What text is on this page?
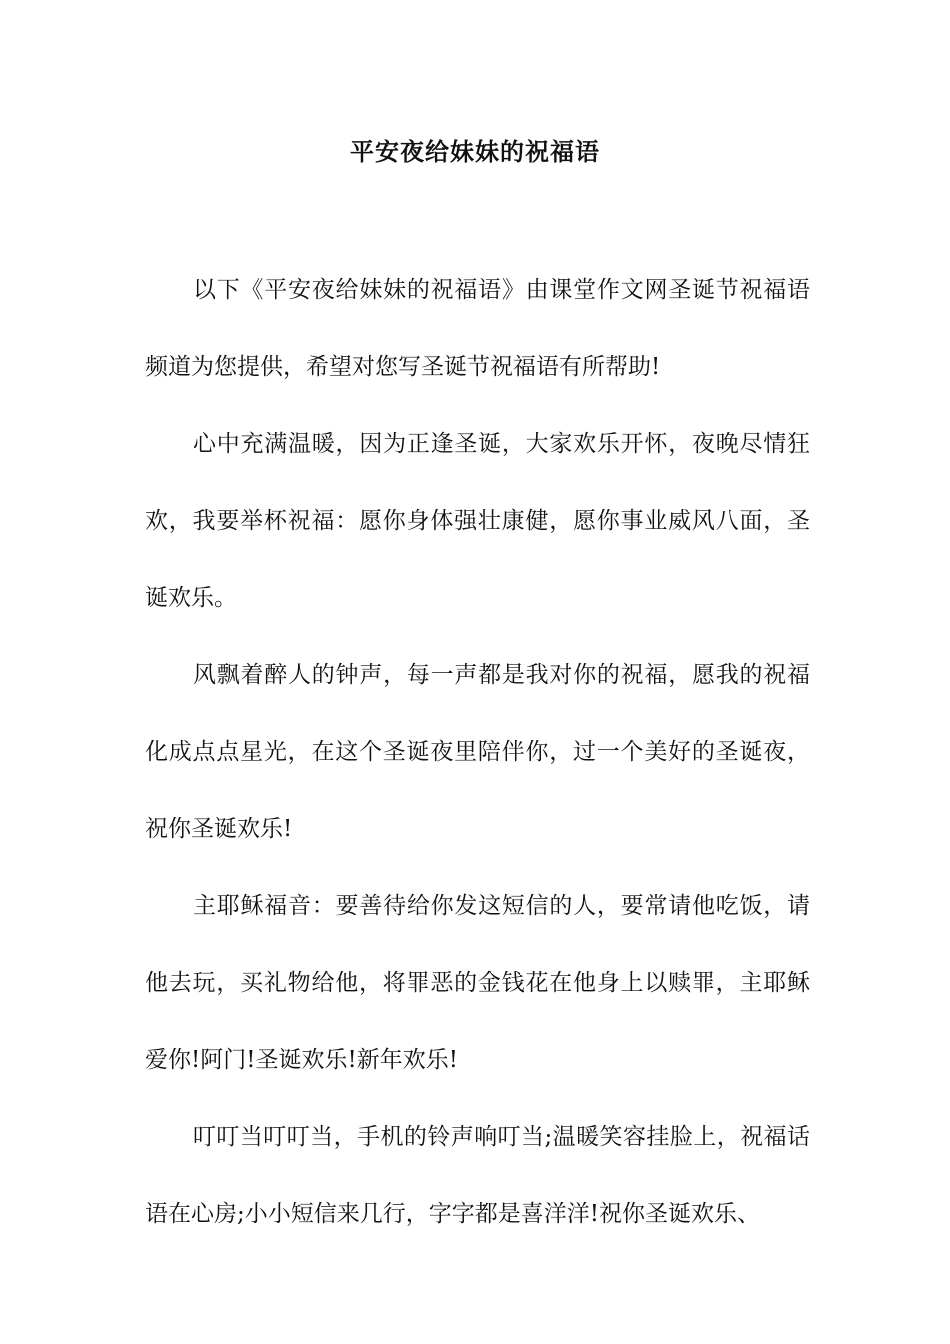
平安夜给妹妹的祝福语

以下《平安夜给妹妹的祝福语》由课堂作文网圣诞节祝福语频道为您提供，希望对您写圣诞节祝福语有所帮助!

心中充满温暖，因为正逢圣诞，大家欢乐开怀，夜晚尽情狂欢，我要举杯祝福：愿你身体强壮康健，愿你事业威风八面，圣诞欢乐。

风飘着醉人的钟声，每一声都是我对你的祝福，愿我的祝福化成点点星光，在这个圣诞夜里陪伴你，过一个美好的圣诞夜，祝你圣诞欢乐!

主耶稣福音：要善待给你发这短信的人，要常请他吃饭，请他去玩，买礼物给他，将罪恶的金钱花在他身上以赎罪，主耶稣爱你!阿门!圣诞欢乐!新年欢乐!

叮叮当叮叮当，手机的铃声响叮当;温暖笑容挂脸上，祝福话语在心房;小小短信来几行，字字都是喜洋洋!祝你圣诞欢乐、
